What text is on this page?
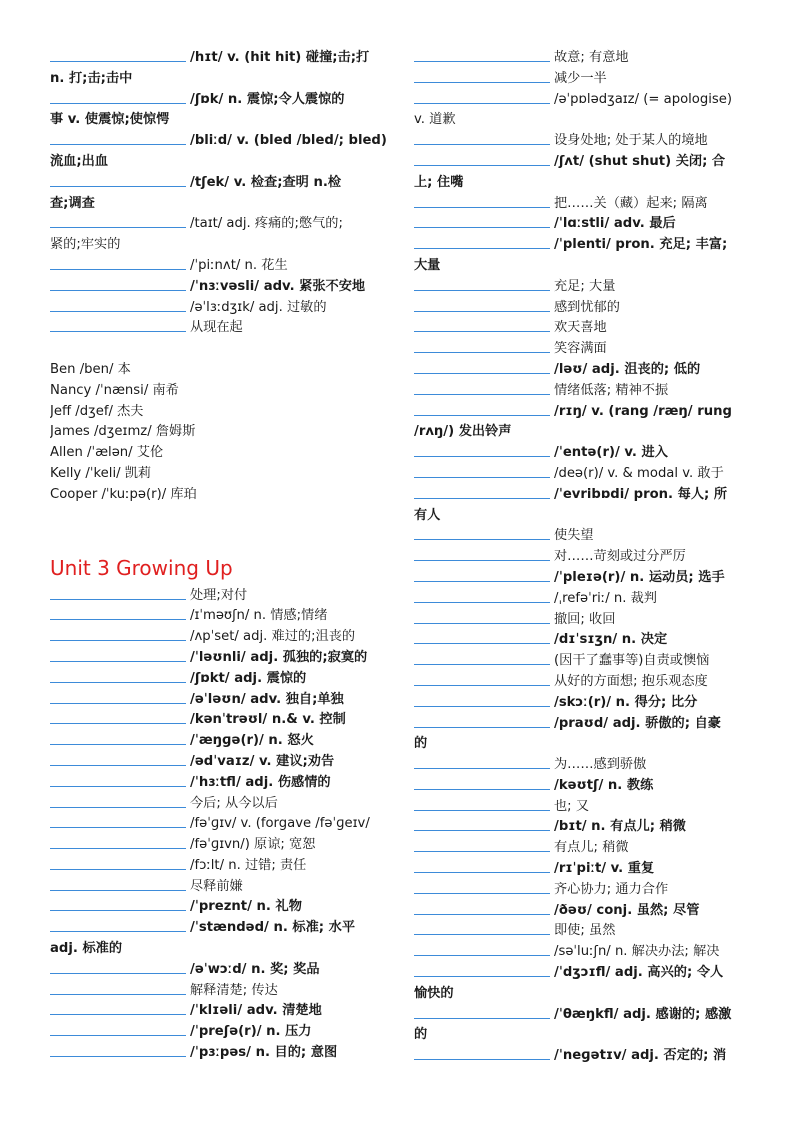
/hɪt/ v. (hit hit) 碰撞;击;打
n. 打;击;击中
/ʃɒk/ n. 震惊;令人震惊的
事 v. 使震惊;使惊愕
/bliːd/ v. (bled /bled/; bled)
流血;出血
/tʃek/ v. 检查;查明 n.检
查;调查
/taɪt/ adj. 疼痛的;憋气的;
紧的;牢实的
/ˈpiːnʌt/ n. 花生
/ˈnɜːvəsli/ adv. 紧张不安地
/əˈlɜːdʒɪk/ adj. 过敏的
从现在起
Ben /ben/ 本
Nancy /ˈnænsi/ 南希
Jeff /dʒef/ 杰夫
James /dʒeɪmz/ 詹姆斯
Allen /ˈælən/ 艾伦
Kelly /ˈkeli/ 凯莉
Cooper /ˈkuːpə(r)/ 库珀
Unit 3 Growing Up
处理;对付
/ɪˈməʊʃn/ n. 情感;情绪
/ʌpˈset/ adj. 难过的;沮丧的
/ˈləʊnli/ adj. 孤独的;寂寞的
/ʃɒkt/ adj. 震惊的
/əˈləʊn/ adv. 独自;单独
/kənˈtrəʊl/ n.& v. 控制
/ˈæŋɡə(r)/ n. 怒火
/ədˈvaɪz/ v. 建议;劝告
/ˈhɜːtfl/ adj. 伤感情的
今后; 从今以后
/fəˈɡɪv/ v. (forgave /fəˈɡeɪv/
/fəˈɡɪvn/) 原谅; 宽恕
/fɔːlt/ n. 过错; 责任
尽释前嫌
/ˈpreznt/ n. 礼物
/ˈstændəd/ n. 标准; 水平
adj. 标准的
/əˈwɔːd/ n. 奖; 奖品
解释清楚; 传达
/ˈklɪəli/ adv. 清楚地
/ˈpreʃə(r)/ n. 压力
/ˈpɜːpəs/ n. 目的; 意图
故意; 有意地
减少一半
/əˈpɒlədʒaɪz/ (= apologise)
v. 道歉
设身处地; 处于某人的境地
/ʃʌt/ (shut shut) 关闭; 合
上; 住嘴
把……关（藏）起来; 隔离
/ˈlɑːstli/ adv. 最后
/ˈplenti/ pron. 充足; 丰富;
大量
充足; 大量
感到忧郁的
欢天喜地
笑容满面
/ləʊ/ adj. 沮丧的; 低的
情绪低落; 精神不振
/rɪŋ/ v. (rang /ræŋ/ rung
/rʌŋ/) 发出铃声
/ˈentə(r)/ v. 进入
/deə(r)/ v. & modal v. 敢于
/ˈevribɒdi/ pron. 每人; 所
有人
使失望
对……苛刻或过分严厉
/ˈpleɪə(r)/ n. 运动员; 选手
/ˌrefəˈriː/ n. 裁判
撤回; 收回
/dɪˈsɪʒn/ n. 决定
(因干了蠢事等)自责或懊恼
从好的方面想; 抱乐观态度
/skɔː(r)/ n. 得分; 比分
/praʊd/ adj. 骄傲的; 自豪
的
为……感到骄傲
/kəʊtʃ/ n. 教练
也; 又
/bɪt/ n. 有点儿; 稍微
有点儿; 稍微
/rɪˈpiːt/ v. 重复
齐心协力; 通力合作
/ðəʊ/ conj. 虽然; 尽管
即使; 虽然
/səˈluːʃn/ n. 解决办法; 解决
/ˈdʒɔɪfl/ adj. 高兴的; 令人
愉快的
/ˈθæŋkfl/ adj. 感谢的; 感激
的
/ˈneɡətɪv/ adj. 否定的; 消
